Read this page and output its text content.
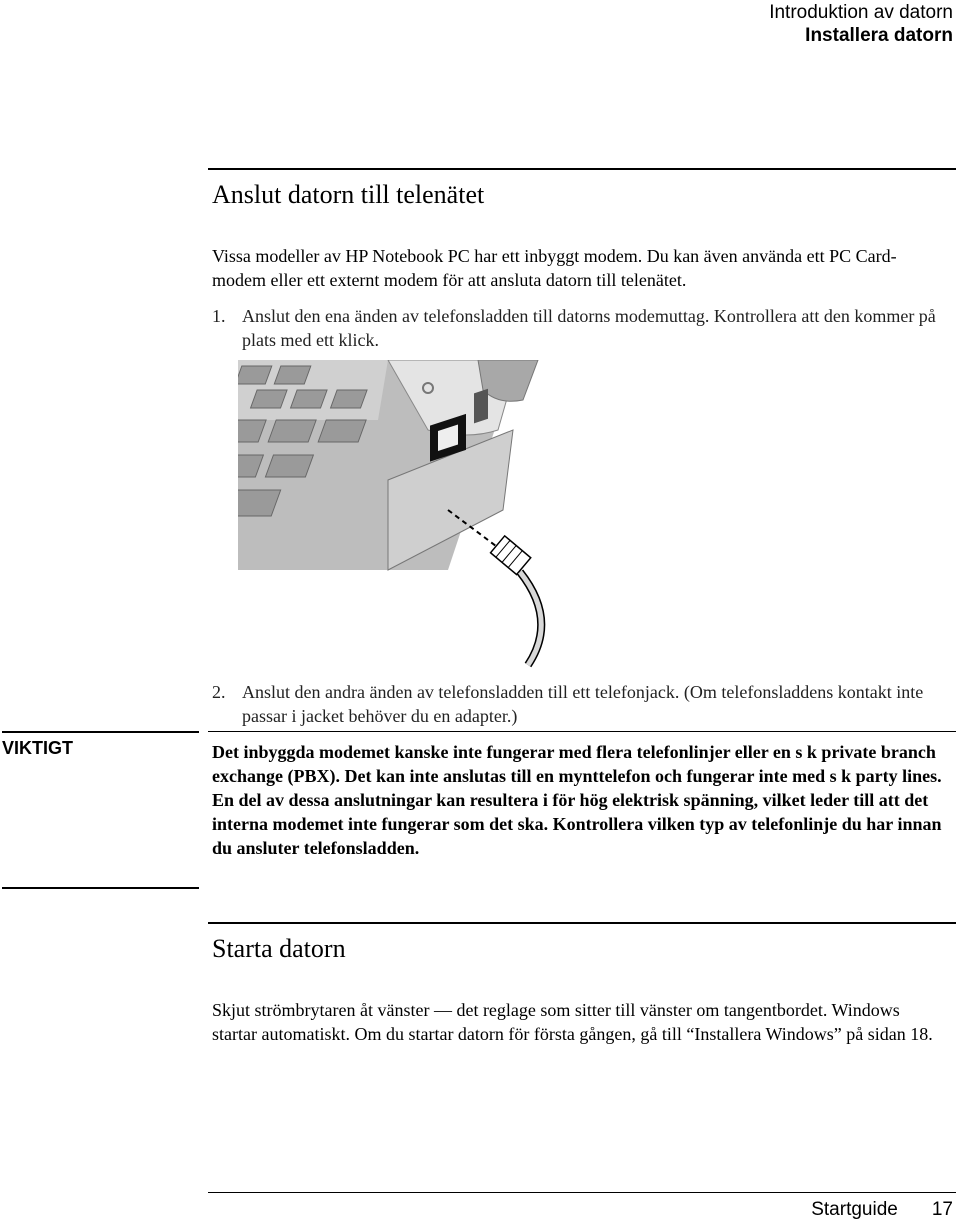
Introduktion av datorn
Installera datorn
Anslut datorn till telenätet

Vissa modeller av HP Notebook PC har ett inbyggt modem. Du kan även använda ett PC Card-modem eller ett externt modem för att ansluta datorn till telenätet.

1. Anslut den ena änden av telefonsladden till datorns modemuttag. Kontrollera att den kommer på plats med ett klick.
2. Anslut den andra änden av telefonsladden till ett telefonjack. (Om telefonsladdens kontakt inte passar i jacket behöver du en adapter.)
VIKTIGT	Det inbyggda modemet kanske inte fungerar med flera telefonlinjer eller en s k private branch exchange (PBX). Det kan inte anslutas till en mynttelefon och fungerar inte med s k party lines. En del av dessa anslutningar kan resultera i för hög elektrisk spänning, vilket leder till att det interna modemet inte fungerar som det ska. Kontrollera vilken typ av telefonlinje du har innan du ansluter telefonsladden.
Starta datorn

Skjut strömbrytaren åt vänster — det reglage som sitter till vänster om tangentbordet. Windows startar automatiskt. Om du startar datorn för första gången, gå till “Installera Windows” på sidan 18.

Startguide 17
